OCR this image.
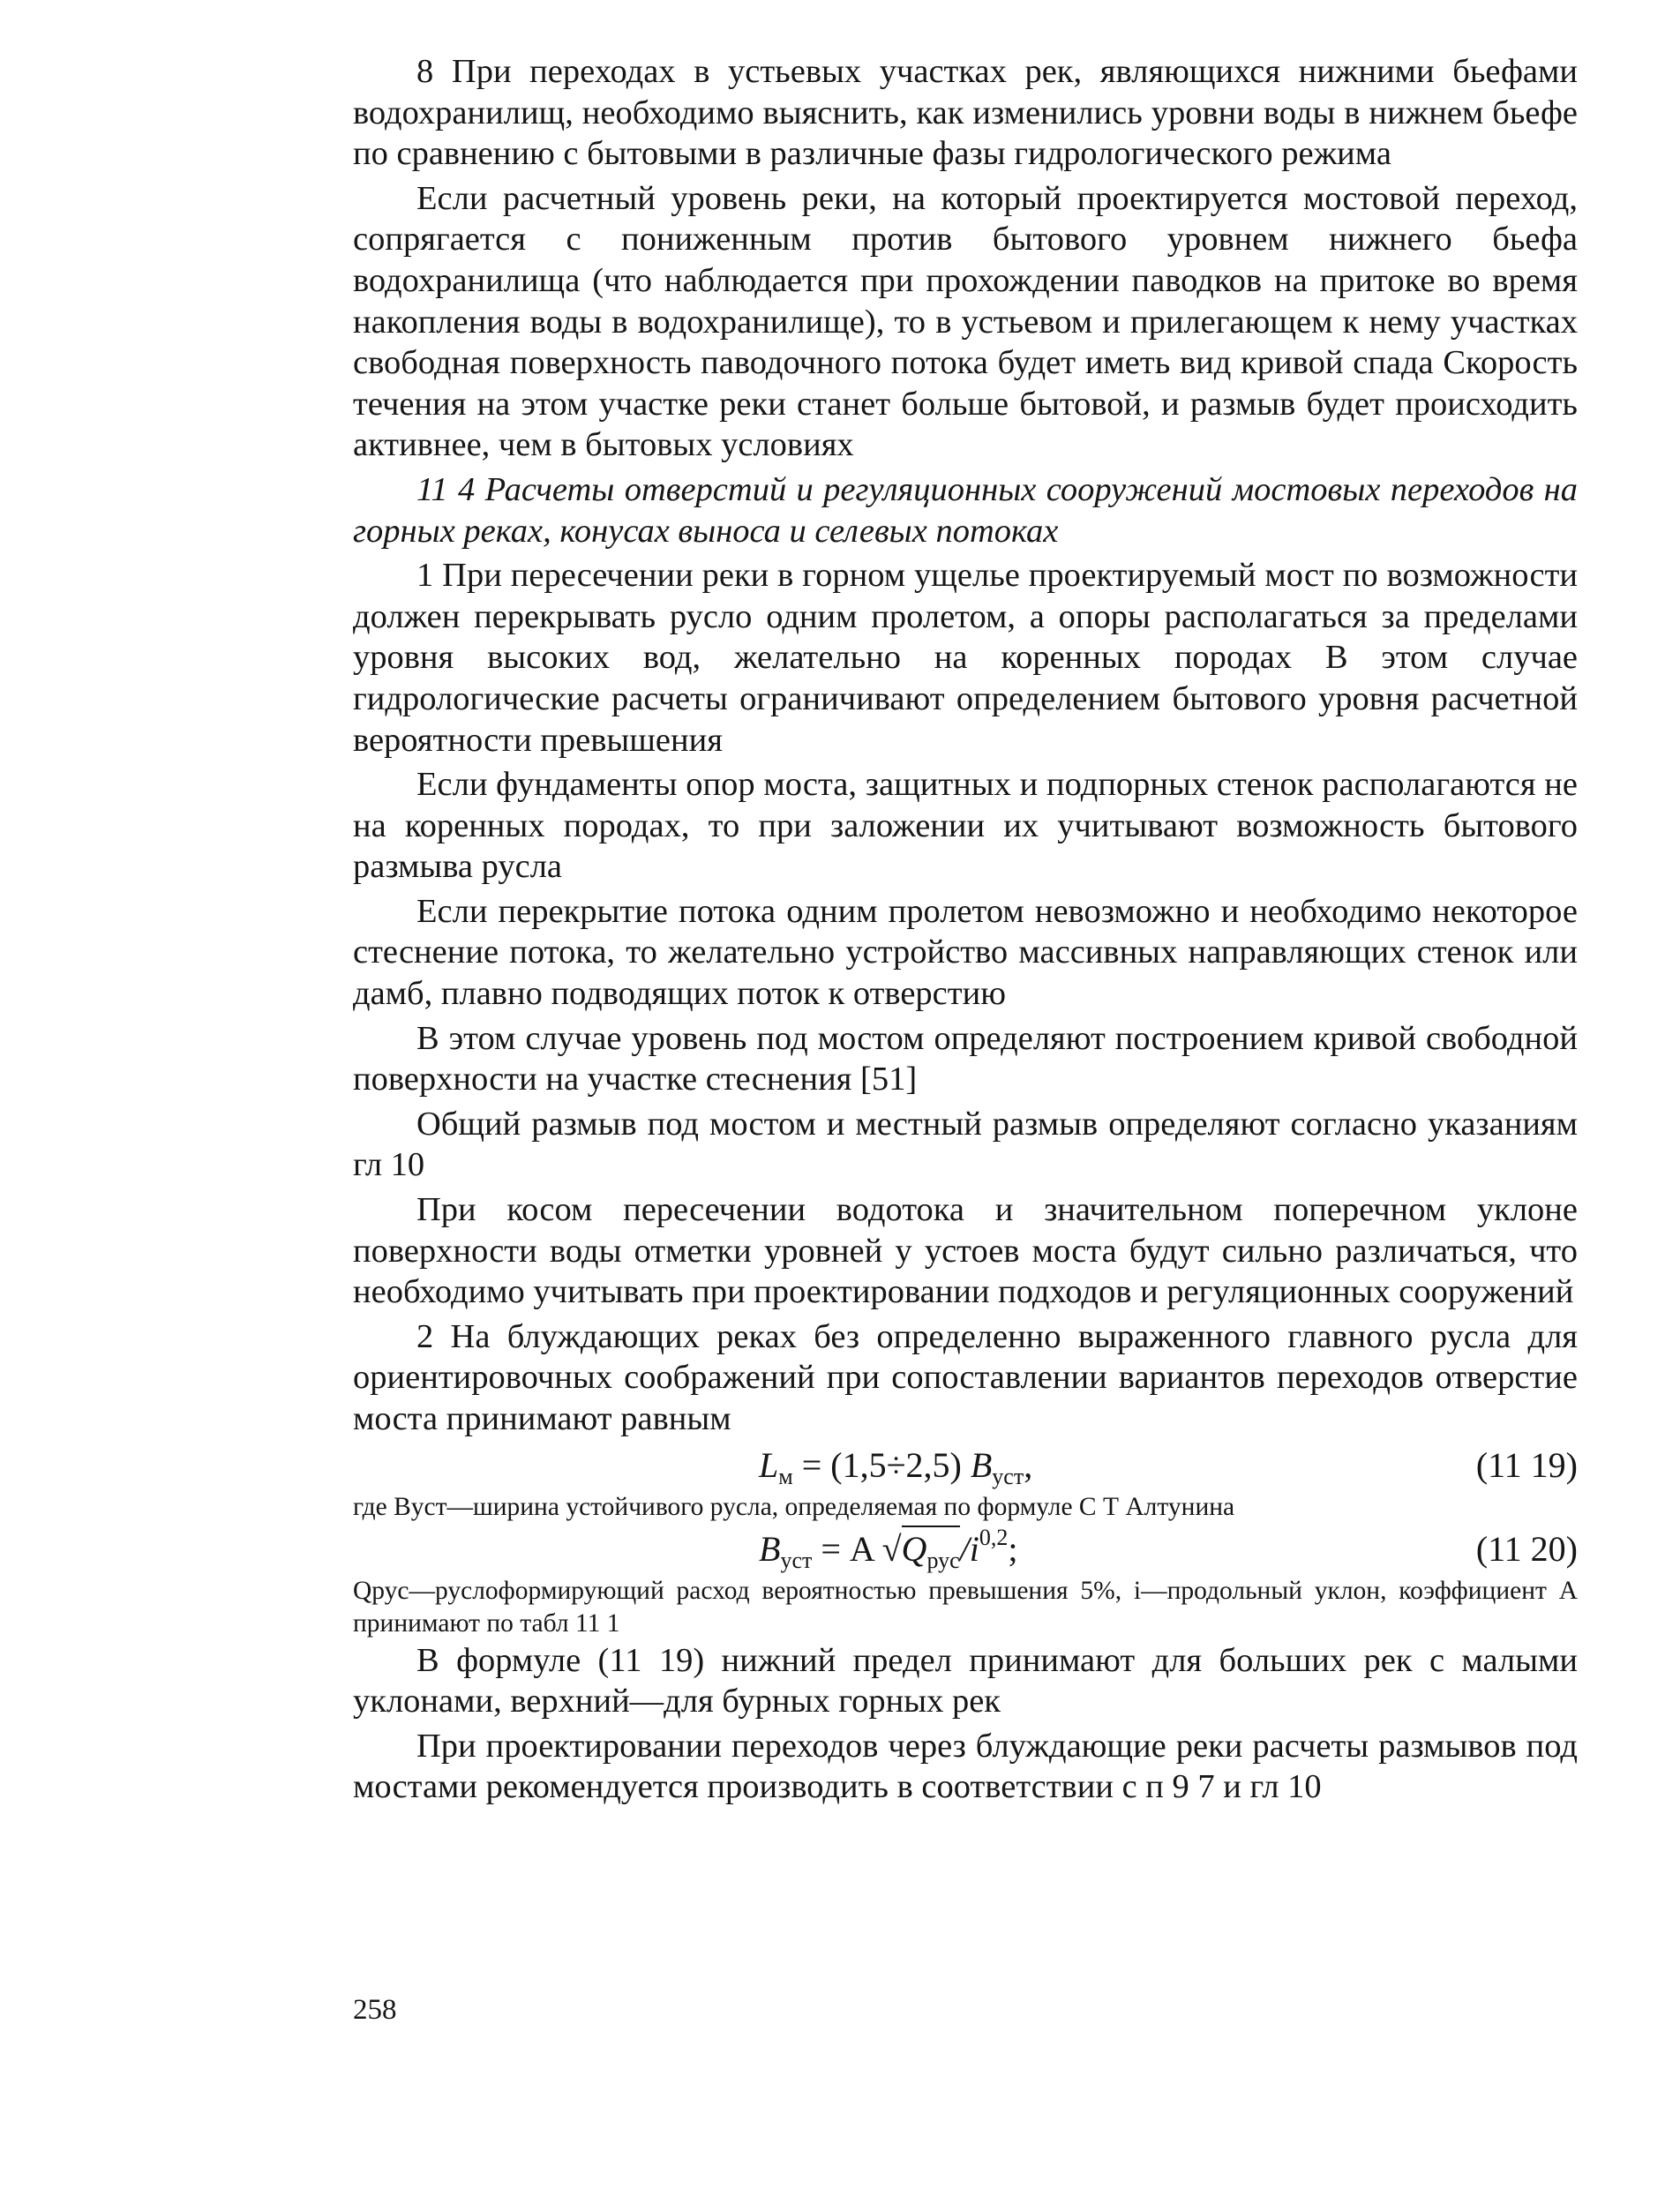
8 При переходах в устьевых участках рек, являющихся нижними бьефами водохранилищ, необходимо выяснить, как изменились уровни воды в нижнем бьефе по сравнению с бытовыми в различные фазы гидрологического режима

Если расчетный уровень реки, на который проектируется мостовой переход, сопрягается с пониженным против бытового уровнем нижнего бьефа водохранилища (что наблюдается при прохождении паводков на притоке во время накопления воды в водохранилище), то в устьевом и прилегающем к нему участках свободная поверхность паводочного потока будет иметь вид кривой спада Скорость течения на этом участке реки станет больше бытовой, и размыв будет происходить активнее, чем в бытовых условиях

11 4 Расчеты отверстий и регуляционных сооружений мостовых переходов на горных реках, конусах выноса и селевых потоках

1 При пересечении реки в горном ущелье проектируемый мост по возможности должен перекрывать русло одним пролетом, а опоры располагаться за пределами уровня высоких вод, желательно на коренных породах В этом случае гидрологические расчеты ограничивают определением бытового уровня расчетной вероятности превышения

Если фундаменты опор моста, защитных и подпорных стенок располагаются не на коренных породах, то при заложении их учитывают возможность бытового размыва русла

Если перекрытие потока одним пролетом невозможно и необходимо некоторое стеснение потока, то желательно устройство массивных направляющих стенок или дамб, плавно подводящих поток к отверстию

В этом случае уровень под мостом определяют построением кривой свободной поверхности на участке стеснения [51]

Общий размыв под мостом и местный размыв определяют согласно указаниям гл 10

При косом пересечении водотока и значительном поперечном уклоне поверхности воды отметки уровней у устоев моста будут сильно различаться, что необходимо учитывать при проектировании подходов и регуляционных сооружений

2 На блуждающих реках без определенно выраженного главного русла для ориентировочных соображений при сопоставлении вариантов переходов отверстие моста принимают равным

$L_м = (1,5\div 2,5)$ $B_{уст}$,	(11 19)

где Bуст—ширина устойчивого русла, определяемая по формуле С Т Алтунина

$B_{уст} = A$ $√Q_{рус}/i^{0,2}$;	(11 20)

Qрус—руслоформирующий расход вероятностью превышения 5%, i—продольный уклон, коэффициент A принимают по табл 11 1

В формуле (11 19) нижний предел принимают для больших рек с малыми уклонами, верхний—для бурных горных рек

При проектировании переходов через блуждающие реки расчеты размывов под мостами рекомендуется производить в соответствии с п 9 7 и гл 10

258
